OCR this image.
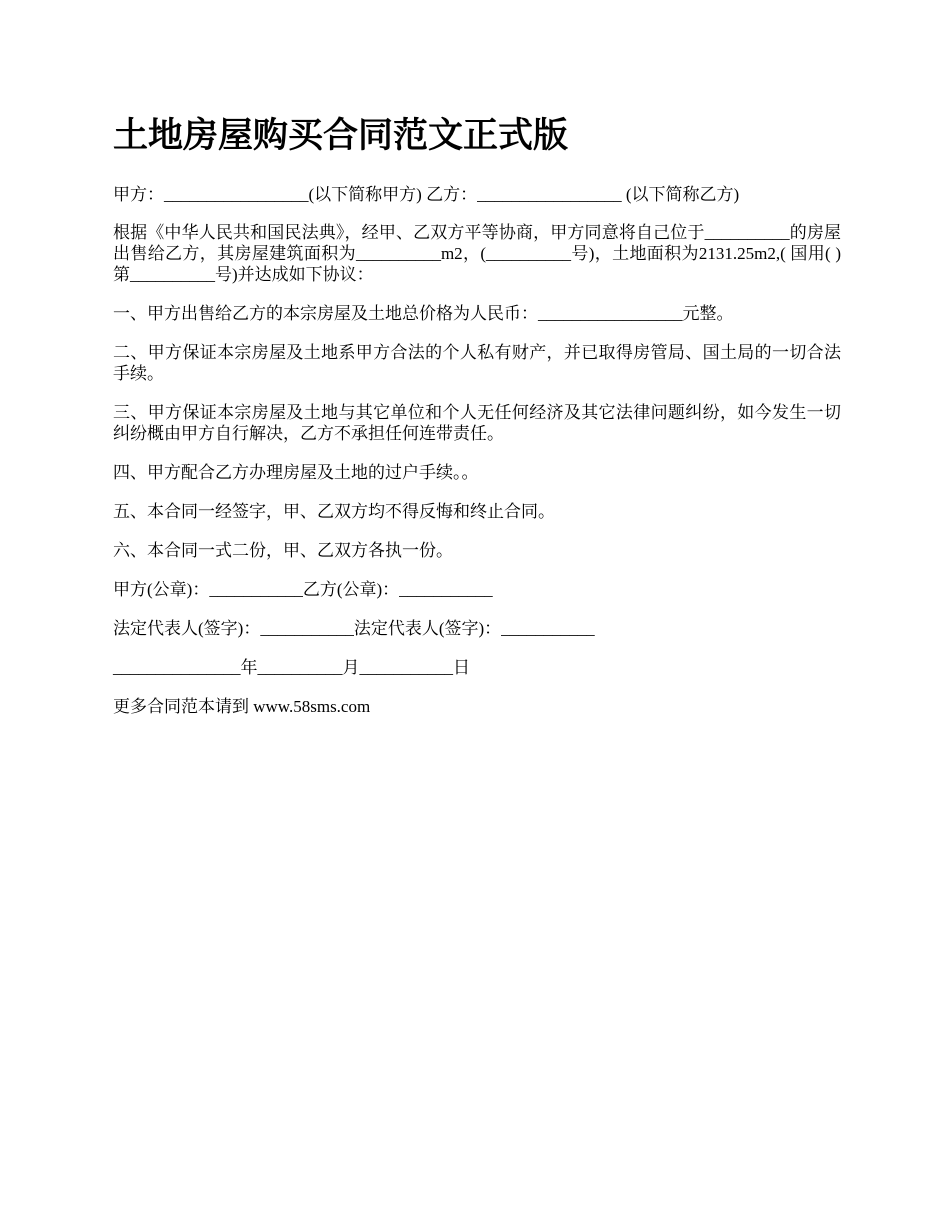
土地房屋购买合同范文正式版

甲方：_________________(以下简称甲方) 乙方：_________________ (以下简称乙方)

根据《中华人民共和国民法典》，经甲、乙双方平等协商，甲方同意将自己位于__________的房屋出售给乙方，其房屋建筑面积为__________m2，(__________号)，土地面积为2131.25m2,( 国用( )第__________号)并达成如下协议：

一、甲方出售给乙方的本宗房屋及土地总价格为人民币：_________________元整。

二、甲方保证本宗房屋及土地系甲方合法的个人私有财产，并已取得房管局、国土局的一切合法手续。

三、甲方保证本宗房屋及土地与其它单位和个人无任何经济及其它法律问题纠纷，如今发生一切纠纷概由甲方自行解决，乙方不承担任何连带责任。

四、甲方配合乙方办理房屋及土地的过户手续。。

五、本合同一经签字，甲、乙双方均不得反悔和终止合同。

六、本合同一式二份，甲、乙双方各执一份。

甲方(公章)：___________乙方(公章)：___________

法定代表人(签字)：___________法定代表人(签字)：___________

_______________年__________月___________日

更多合同范本请到 www.58sms.com
